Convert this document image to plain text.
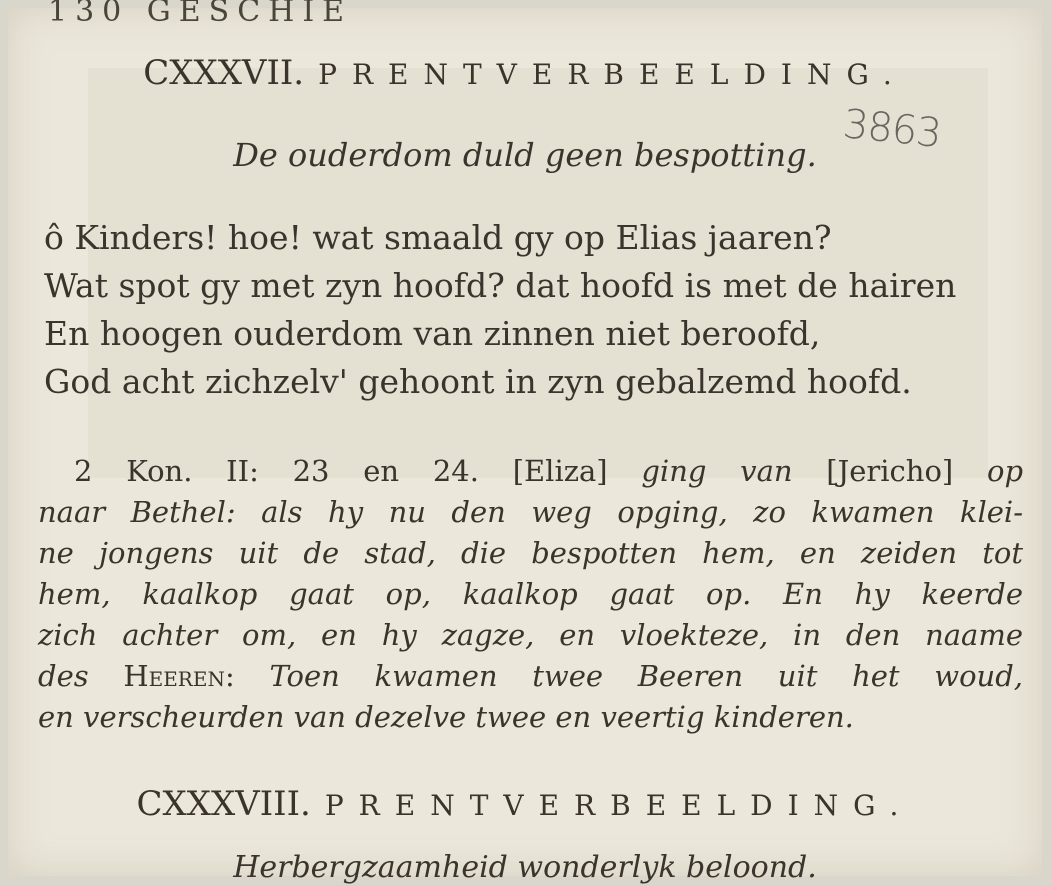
130 GESCHIE
CXXXVII. PRENTVERBEELDING.
De ouderdom duld geen bespotting. 3863
ô Kinders! hoe! wat smaald gy op Elias jaaren?
Wat spot gy met zyn hoofd? dat hoofd is met de hairen
En hoogen ouderdom van zinnen niet beroofd,
God acht zichzelv' gehoont in zyn gebalzemd hoofd.
2 Kon. II: 23 en 24. [Eliza] ging van [Jericho] op
naar Bethel: als hy nu den weg opging, zo kwamen klei-
ne jongens uit de stad, die bespotten hem, en zeiden tot
hem, kaalkop gaat op, kaalkop gaat op. En hy keerde
zich achter om, en hy zagze, en vloekteze, in den naame
des Heeren: Toen kwamen twee Beeren uit het woud,
en verscheurden van dezelve twee en veertig kinderen.
CXXXVIII. PRENTVERBEELDING.
Herbergzaamheid wonderlyk beloond.
